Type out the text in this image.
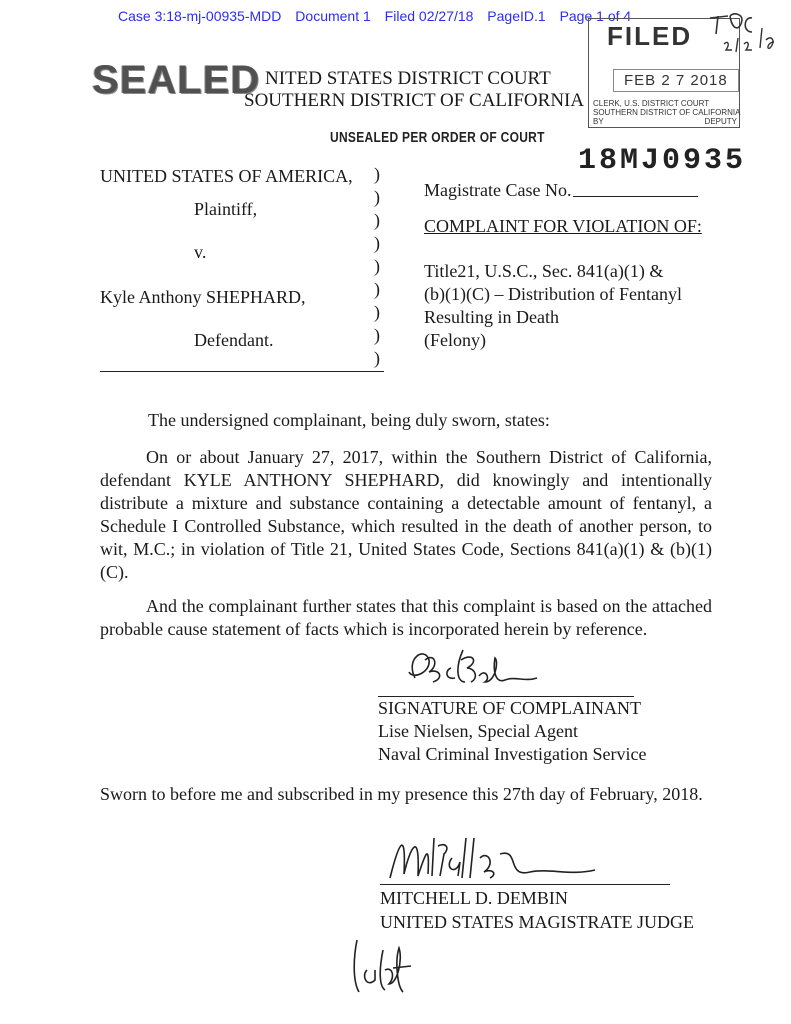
Case 3:18-mj-00935-MDD Document 1 Filed 02/27/18 PageID.1 Page 1 of 4
SEALED NITED STATES DISTRICT COURT
SOUTHERN DISTRICT OF CALIFORNIA
UNSEALED PER ORDER OF COURT
FILED
FEB 2 7 2018
CLERK, U.S. DISTRICT COURT
SOUTHERN DISTRICT OF CALIFORNIA
BY	DEPUTY
18MJ0935
UNITED STATES OF AMERICA,
Plaintiff,
v.
Kyle Anthony SHEPHARD,
Defendant.
)
)
)
)
)
)
)
)
)
Magistrate Case No.
COMPLAINT FOR VIOLATION OF:
Title21, U.S.C., Sec. 841(a)(1) &
(b)(1)(C) – Distribution of Fentanyl
Resulting in Death
(Felony)
The undersigned complainant, being duly sworn, states:
On or about January 27, 2017, within the Southern District of California, defendant KYLE ANTHONY SHEPHARD, did knowingly and intentionally distribute a mixture and substance containing a detectable amount of fentanyl, a Schedule I Controlled Substance, which resulted in the death of another person, to wit, M.C.; in violation of Title 21, United States Code, Sections 841(a)(1) & (b)(1)(C).
And the complainant further states that this complaint is based on the attached probable cause statement of facts which is incorporated herein by reference.
SIGNATURE OF COMPLAINANT
Lise Nielsen, Special Agent
Naval Criminal Investigation Service
Sworn to before me and subscribed in my presence this 27th day of February, 2018.
MITCHELL D. DEMBIN
UNITED STATES MAGISTRATE JUDGE
